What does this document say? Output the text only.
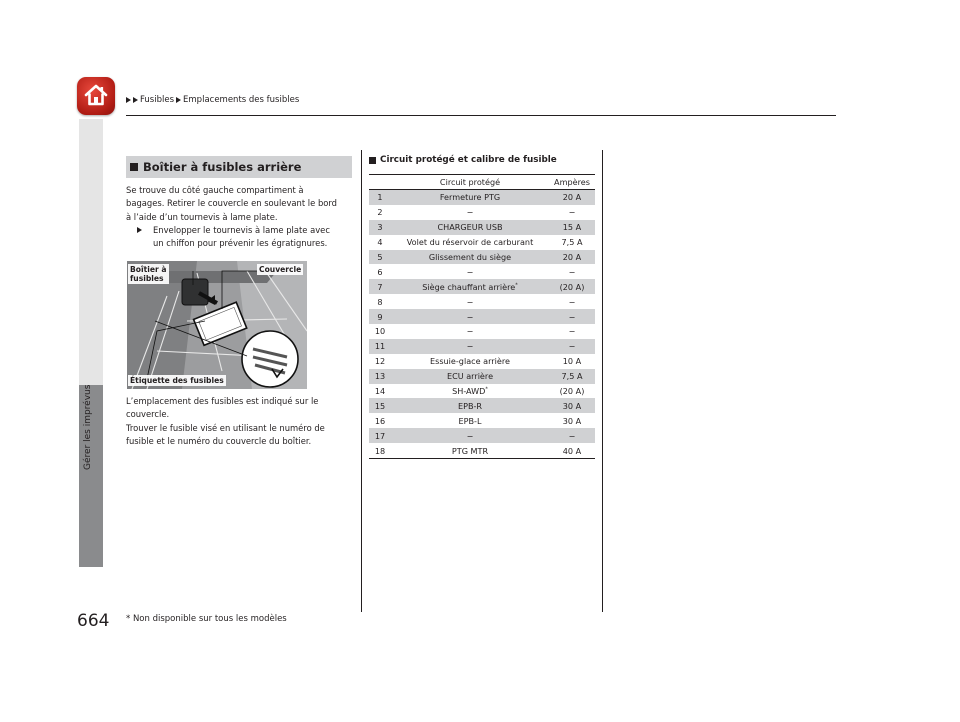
Fusibles Emplacements des fusibles
Gérer les imprévus
Boîtier à fusibles arrière
Se trouve du côté gauche compartiment à
bagages. Retirer le couvercle en soulevant le bord
à l’aide d’un tournevis à lame plate.
Envelopper le tournevis à lame plate avec
un chiffon pour prévenir les égratignures.
Boîtier à
fusibles
Couvercle
Étiquette des fusibles
L’emplacement des fusibles est indiqué sur le
couvercle.
Trouver le fusible visé en utilisant le numéro de
fusible et le numéro du couvercle du boîtier.
Circuit protégé et calibre de fusible
	Circuit protégé	Ampères
1	Fermeture PTG	20 A
2	−	−
3	CHARGEUR USB	15 A
4	Volet du réservoir de carburant	7,5 A
5	Glissement du siège	20 A
6	−	−
7	Siège chauffant arrière*	(20 A)
8	−	−
9	−	−
10	−	−
11	−	−
12	Essuie-glace arrière	10 A
13	ECU arrière	7,5 A
14	SH-AWD*	(20 A)
15	EPB-R	30 A
16	EPB-L	30 A
17	−	−
18	PTG MTR	40 A
664 * Non disponible sur tous les modèles
